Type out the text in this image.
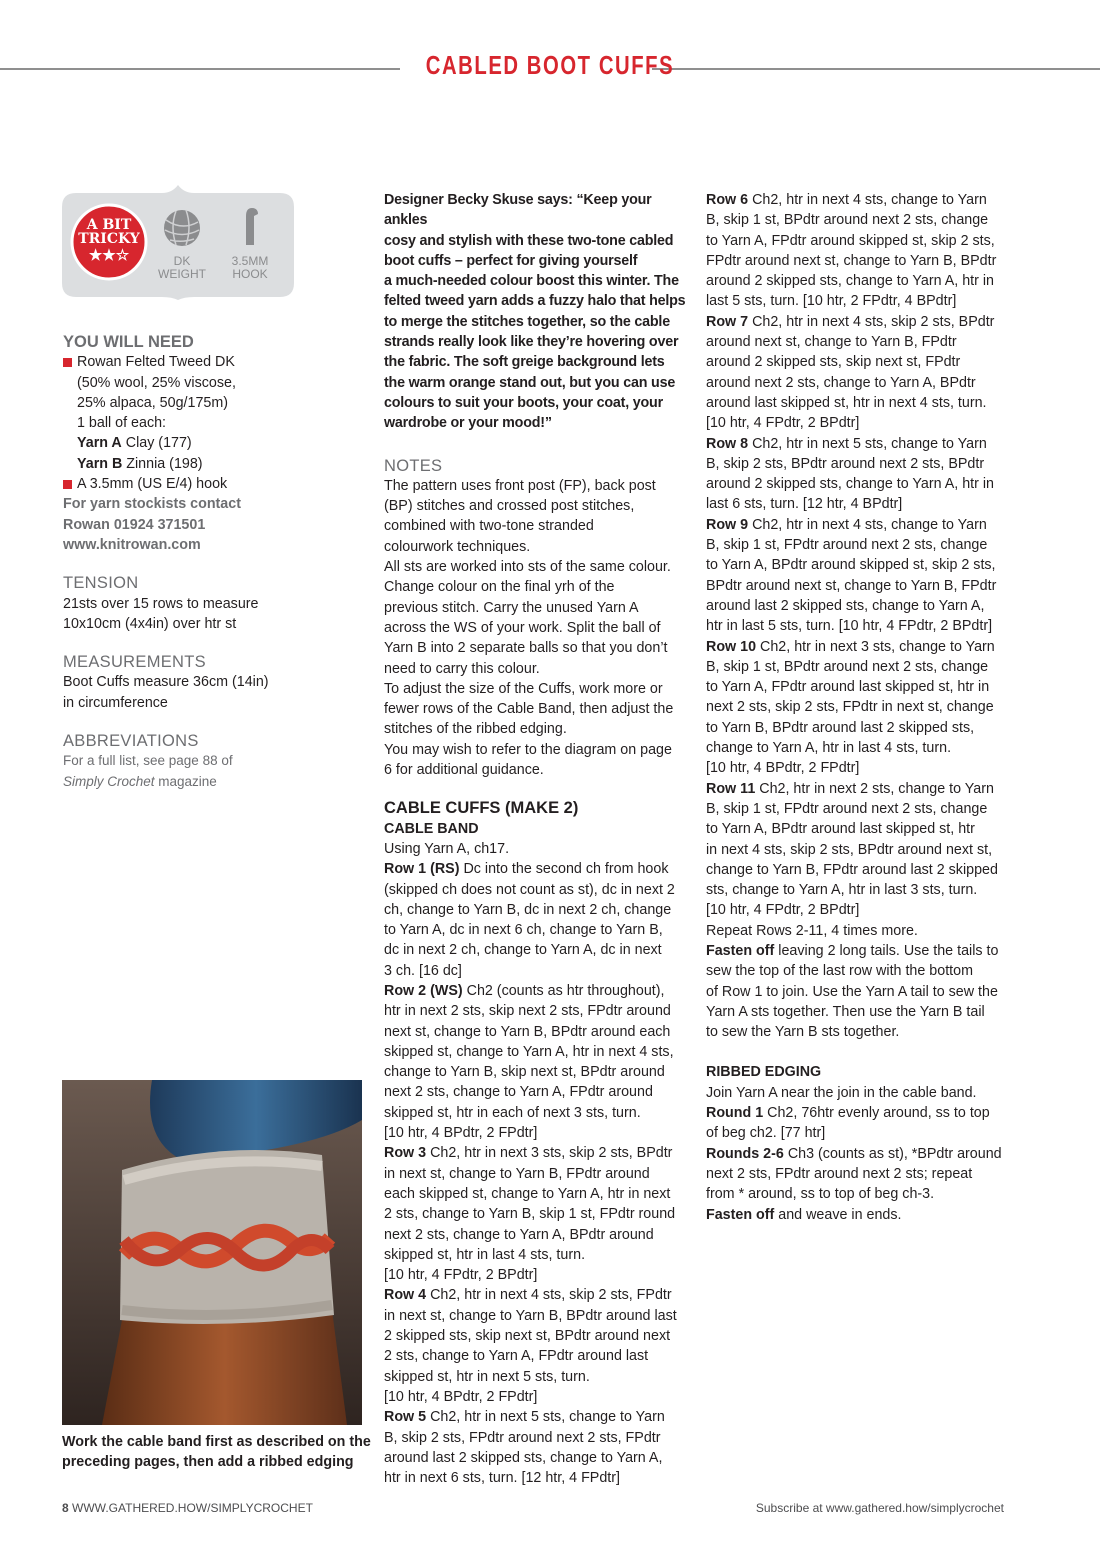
CABLED BOOT CUFFS
A BIT
TRICKY
★★☆	DK
WEIGHT
3.5MM
HOOK

YOU WILL NEED

Rowan Felted Tweed DK

(50% wool, 25% viscose,

25% alpaca, 50g/175m)

1 ball of each:

Yarn A Clay (177)

Yarn B Zinnia (198)

A 3.5mm (US E/4) hook

For yarn stockists contact

Rowan 01924 371501

www.knitrowan.com

TENSION

21sts over 15 rows to measure

10x10cm (4x4in) over htr st

MEASUREMENTS

Boot Cuffs measure 36cm (14in)

in circumference

ABBREVIATIONS

For a full list, see page 88 of

Simply Crochet magazine

Work the cable band first as described on the

preceding pages, then add a ribbed edging

Designer Becky Skuse says: “Keep your ankles

cosy and stylish with these two-tone cabled

boot cuffs – perfect for giving yourself

a much-needed colour boost this winter. The

felted tweed yarn adds a fuzzy halo that helps

to merge the stitches together, so the cable

strands really look like they’re hovering over

the fabric. The soft greige background lets

the warm orange stand out, but you can use

colours to suit your boots, your coat, your

wardrobe or your mood!”

NOTES

The pattern uses front post (FP), back post

(BP) stitches and crossed post stitches,

combined with two-tone stranded

colourwork techniques.

All sts are worked into sts of the same colour.

Change colour on the final yrh of the

previous stitch. Carry the unused Yarn A

across the WS of your work. Split the ball of

Yarn B into 2 separate balls so that you don’t

need to carry this colour.

To adjust the size of the Cuffs, work more or

fewer rows of the Cable Band, then adjust the

stitches of the ribbed edging.

You may wish to refer to the diagram on page

6 for additional guidance.

CABLE CUFFS (MAKE 2)

CABLE BAND

Using Yarn A, ch17.

Row 1 (RS) Dc into the second ch from hook

(skipped ch does not count as st), dc in next 2

ch, change to Yarn B, dc in next 2 ch, change

to Yarn A, dc in next 6 ch, change to Yarn B,

dc in next 2 ch, change to Yarn A, dc in next

3 ch. [16 dc]

Row 2 (WS) Ch2 (counts as htr throughout),

htr in next 2 sts, skip next 2 sts, FPdtr around

next st, change to Yarn B, BPdtr around each

skipped st, change to Yarn A, htr in next 4 sts,

change to Yarn B, skip next st, BPdtr around

next 2 sts, change to Yarn A, FPdtr around

skipped st, htr in each of next 3 sts, turn.

[10 htr, 4 BPdtr, 2 FPdtr]

Row 3 Ch2, htr in next 3 sts, skip 2 sts, BPdtr

in next st, change to Yarn B, FPdtr around

each skipped st, change to Yarn A, htr in next

2 sts, change to Yarn B, skip 1 st, FPdtr round

next 2 sts, change to Yarn A, BPdtr around

skipped st, htr in last 4 sts, turn.

[10 htr, 4 FPdtr, 2 BPdtr]

Row 4 Ch2, htr in next 4 sts, skip 2 sts, FPdtr

in next st, change to Yarn B, BPdtr around last

2 skipped sts, skip next st, BPdtr around next

2 sts, change to Yarn A, FPdtr around last

skipped st, htr in next 5 sts, turn.

[10 htr, 4 BPdtr, 2 FPdtr]

Row 5 Ch2, htr in next 5 sts, change to Yarn

B, skip 2 sts, FPdtr around next 2 sts, FPdtr

around last 2 skipped sts, change to Yarn A,

htr in next 6 sts, turn. [12 htr, 4 FPdtr]

Row 6 Ch2, htr in next 4 sts, change to Yarn

B, skip 1 st, BPdtr around next 2 sts, change

to Yarn A, FPdtr around skipped st, skip 2 sts,

FPdtr around next st, change to Yarn B, BPdtr

around 2 skipped sts, change to Yarn A, htr in

last 5 sts, turn. [10 htr, 2 FPdtr, 4 BPdtr]

Row 7 Ch2, htr in next 4 sts, skip 2 sts, BPdtr

around next st, change to Yarn B, FPdtr

around 2 skipped sts, skip next st, FPdtr

around next 2 sts, change to Yarn A, BPdtr

around last skipped st, htr in next 4 sts, turn.

[10 htr, 4 FPdtr, 2 BPdtr]

Row 8 Ch2, htr in next 5 sts, change to Yarn

B, skip 2 sts, BPdtr around next 2 sts, BPdtr

around 2 skipped sts, change to Yarn A, htr in

last 6 sts, turn. [12 htr, 4 BPdtr]

Row 9 Ch2, htr in next 4 sts, change to Yarn

B, skip 1 st, FPdtr around next 2 sts, change

to Yarn A, BPdtr around skipped st, skip 2 sts,

BPdtr around next st, change to Yarn B, FPdtr

around last 2 skipped sts, change to Yarn A,

htr in last 5 sts, turn. [10 htr, 4 FPdtr, 2 BPdtr]

Row 10 Ch2, htr in next 3 sts, change to Yarn

B, skip 1 st, BPdtr around next 2 sts, change

to Yarn A, FPdtr around last skipped st, htr in

next 2 sts, skip 2 sts, FPdtr in next st, change

to Yarn B, BPdtr around last 2 skipped sts,

change to Yarn A, htr in last 4 sts, turn.

[10 htr, 4 BPdtr, 2 FPdtr]

Row 11 Ch2, htr in next 2 sts, change to Yarn

B, skip 1 st, FPdtr around next 2 sts, change

to Yarn A, BPdtr around last skipped st, htr

in next 4 sts, skip 2 sts, BPdtr around next st,

change to Yarn B, FPdtr around last 2 skipped

sts, change to Yarn A, htr in last 3 sts, turn.

[10 htr, 4 FPdtr, 2 BPdtr]

Repeat Rows 2-11, 4 times more.

Fasten off leaving 2 long tails. Use the tails to

sew the top of the last row with the bottom

of Row 1 to join. Use the Yarn A tail to sew the

Yarn A sts together. Then use the Yarn B tail

to sew the Yarn B sts together.

RIBBED EDGING

Join Yarn A near the join in the cable band.

Round 1 Ch2, 76htr evenly around, ss to top

of beg ch2. [77 htr]

Rounds 2-6 Ch3 (counts as st), *BPdtr around

next 2 sts, FPdtr around next 2 sts; repeat

from * around, ss to top of beg ch-3.

Fasten off and weave in ends.

8 WWW.GATHERED.HOW/SIMPLYCROCHET	Subscribe at www.gathered.how/simplycrochet
